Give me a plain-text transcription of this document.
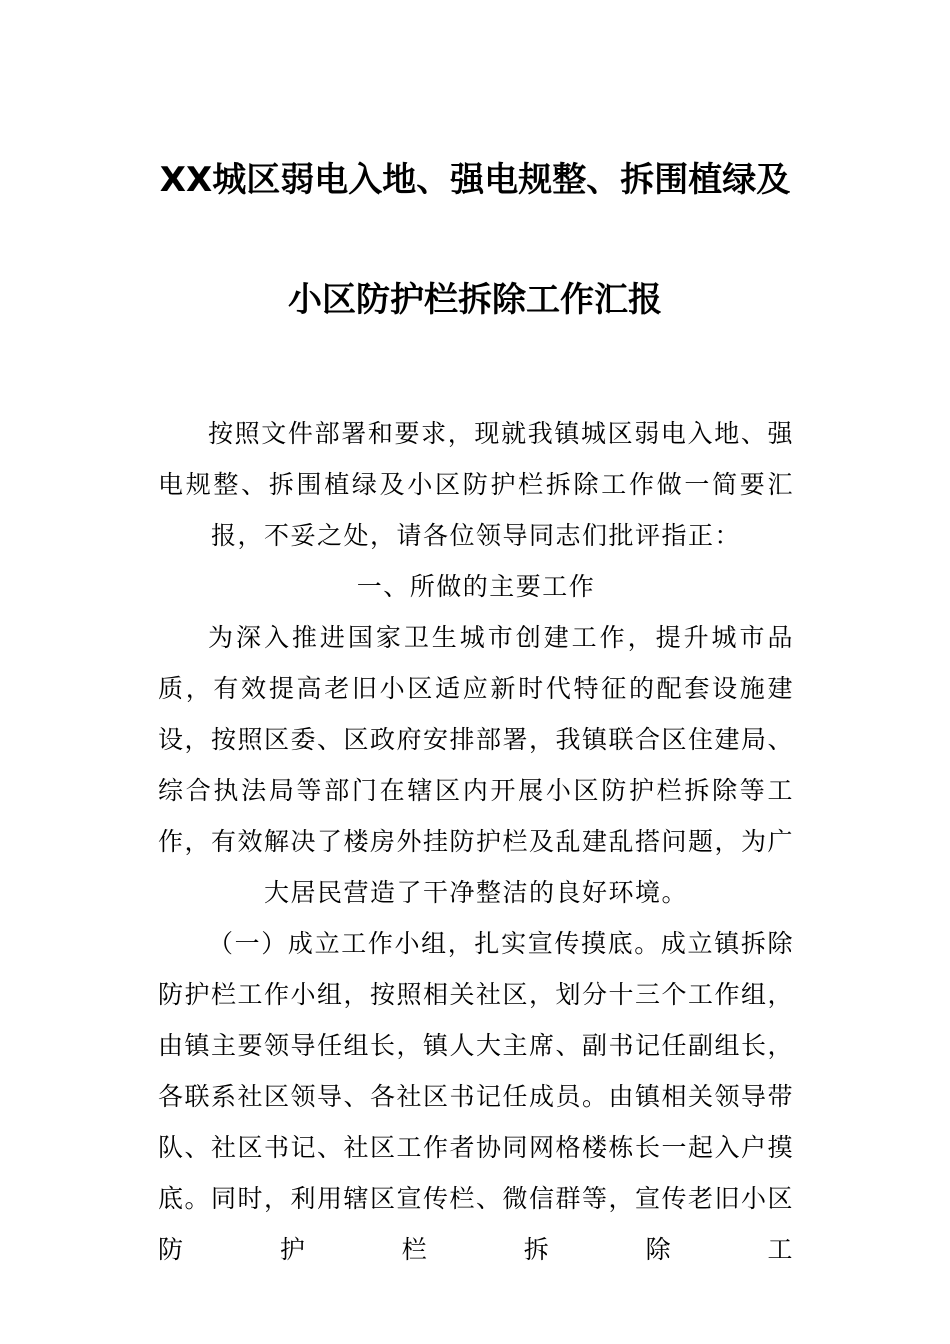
XX城区弱电入地、强电规整、拆围植绿及
小区防护栏拆除工作汇报

按照文件部署和要求，现就我镇城区弱电入地、强电规整、拆围植绿及小区防护栏拆除工作做一简要汇报，不妥之处，请各位领导同志们批评指正：

一、所做的主要工作

为深入推进国家卫生城市创建工作，提升城市品质，有效提高老旧小区适应新时代特征的配套设施建设，按照区委、区政府安排部署，我镇联合区住建局、综合执法局等部门在辖区内开展小区防护栏拆除等工作，有效解决了楼房外挂防护栏及乱建乱搭问题，为广大居民营造了干净整洁的良好环境。

（一）成立工作小组，扎实宣传摸底。成立镇拆除防护栏工作小组，按照相关社区，划分十三个工作组，由镇主要领导任组长，镇人大主席、副书记任副组长，各联系社区领导、各社区书记任成员。由镇相关领导带队、社区书记、社区工作者协同网格楼栋长一起入户摸底。同时，利用辖区宣传栏、微信群等，宣传老旧小区防护栏拆除工
